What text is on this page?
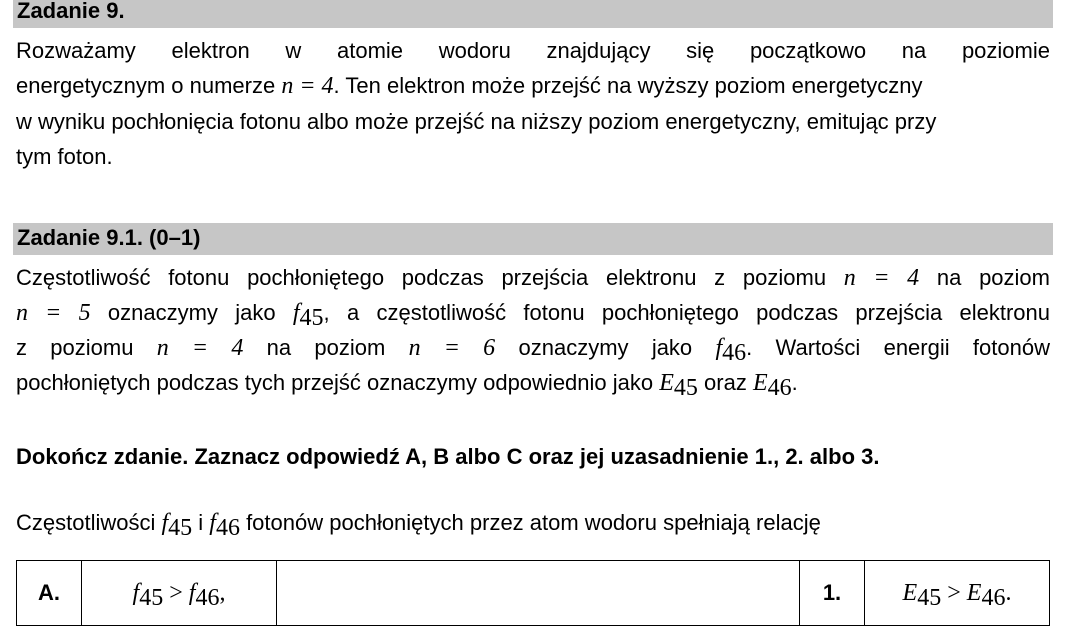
Zadanie 9.
Rozważamy elektron w atomie wodoru znajdujący się początkowo na poziomie
energetycznym o numerze n = 4. Ten elektron może przejść na wyższy poziom energetyczny
w wyniku pochłonięcia fotonu albo może przejść na niższy poziom energetyczny, emitując przy
tym foton.
Zadanie 9.1. (0–1)
Częstotliwość fotonu pochłoniętego podczas przejścia elektronu z poziomu n = 4 na poziom
n = 5 oznaczymy jako $f_{45}$, a częstotliwość fotonu pochłoniętego podczas przejścia elektronu
z poziomu n = 4 na poziom n = 6 oznaczymy jako $f_{46}$. Wartości energii fotonów
pochłoniętych podczas tych przejść oznaczymy odpowiednio jako $E_{45}$ oraz $E_{46}$.
Dokończ zdanie. Zaznacz odpowiedź A, B albo C oraz jej uzasadnienie 1., 2. albo 3.
Częstotliwości $f_{45}$ i $f_{46}$ fotonów pochłoniętych przez atom wodoru spełniają relację
A.	$f_{45} > f_{46}$,		1.	$E_{45} > E_{46}$.
